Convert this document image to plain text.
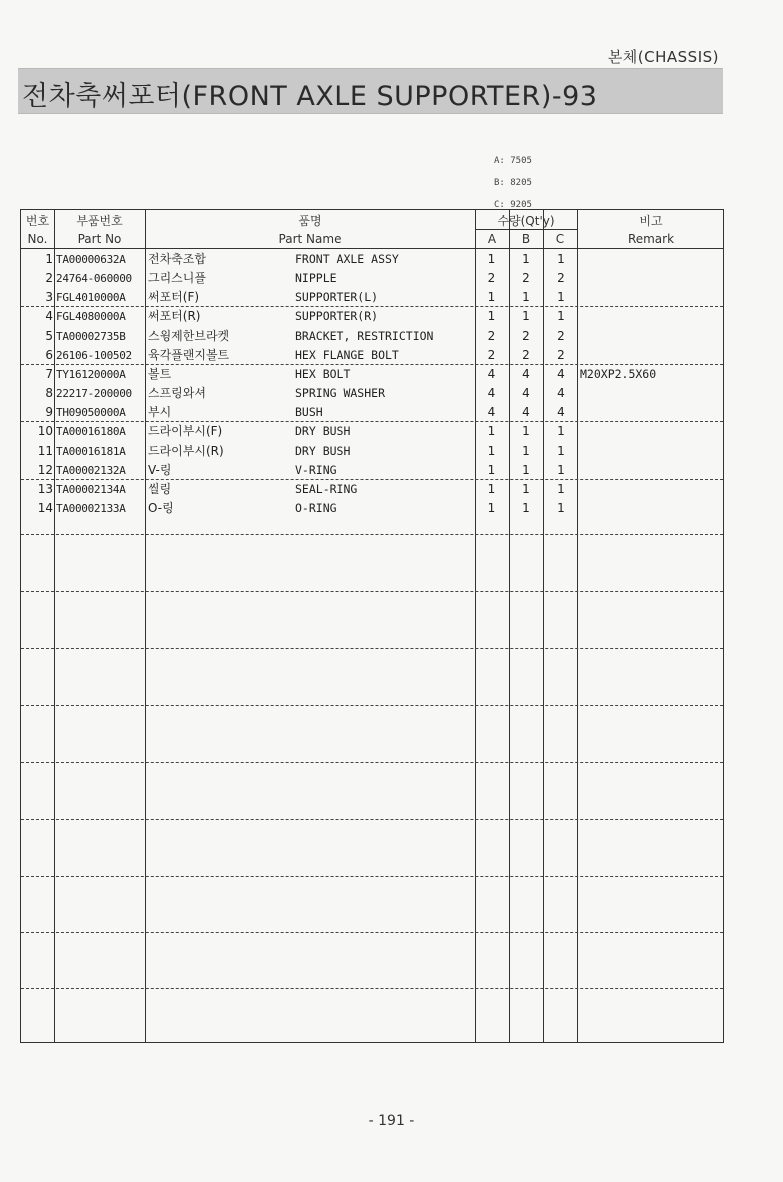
본체(CHASSIS)
전차축써포터(FRONT AXLE SUPPORTER)-93
A: 7505
B: 8205
C: 9205
번호
No.
부품번호
Part No
품명
Part Name
수량(Qt'y)
A	B	C
비고
Remark
1 TA00000632A	전차축조합	FRONT AXLE ASSY	1	1	1
2 24764-060000	그리스니플	NIPPLE	2	2	2
3 FGL4010000A	써포터(F)	SUPPORTER(L)	1	1	1
4 FGL4080000A	써포터(R)	SUPPORTER(R)	1	1	1
5 TA00002735B	스윙제한브라켓	BRACKET, RESTRICTION	2	2	2
6 26106-100502	육각플랜지볼트	HEX FLANGE BOLT	2	2	2
7 TY16120000A	볼트	HEX BOLT	4	4	4	M20XP2.5X60
8 22217-200000	스프링와셔	SPRING WASHER	4	4	4
9 TH09050000A	부시	BUSH	4	4	4
10 TA00016180A	드라이부시(F)	DRY BUSH	1	1	1
11 TA00016181A	드라이부시(R)	DRY BUSH	1	1	1
12 TA00002132A	V-링	V-RING	1	1	1
13 TA00002134A	씰링	SEAL-RING	1	1	1
14 TA00002133A	O-링	O-RING	1	1	1
- 191 -
